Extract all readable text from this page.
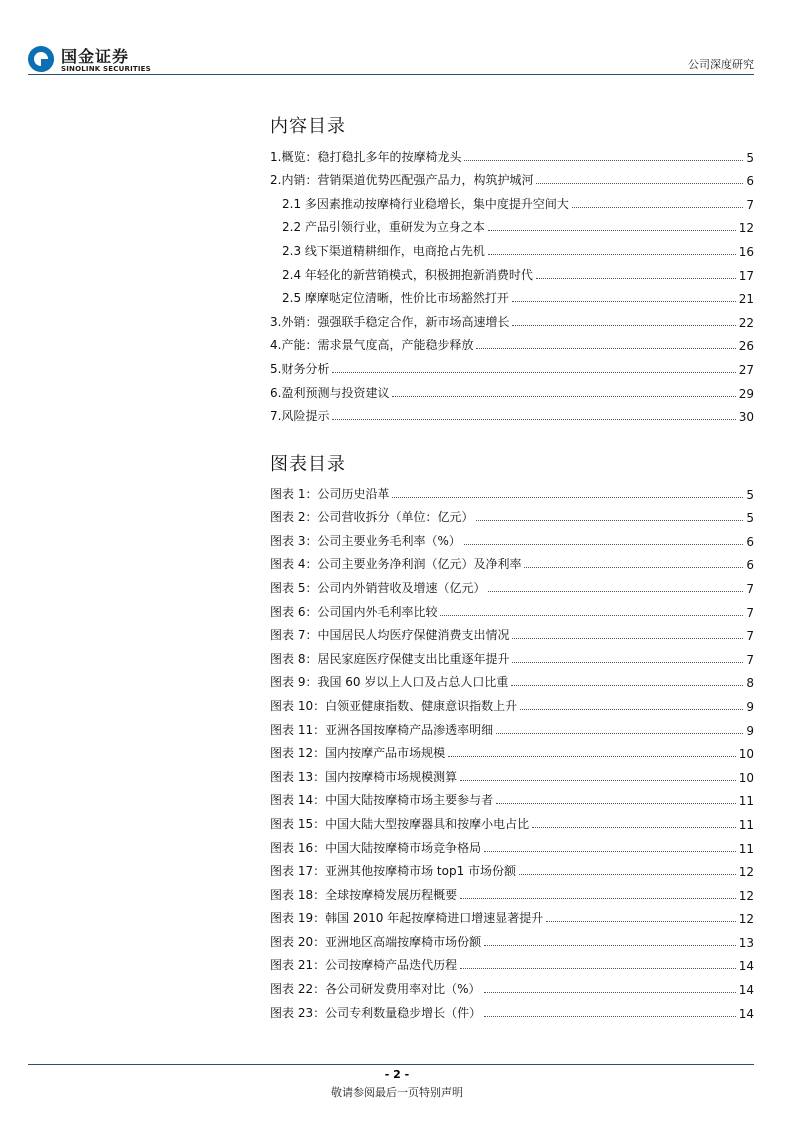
国金证券
SINOLINK SECURITIES	公司深度研究
内容目录
1.概览：稳打稳扎多年的按摩椅龙头	5
2.内销：营销渠道优势匹配强产品力，构筑护城河	6
2.1 多因素推动按摩椅行业稳增长，集中度提升空间大	7
2.2 产品引领行业，重研发为立身之本	12
2.3 线下渠道精耕细作，电商抢占先机	16
2.4 年轻化的新营销模式，积极拥抱新消费时代	17
2.5 摩摩哒定位清晰，性价比市场豁然打开	21
3.外销：强强联手稳定合作，新市场高速增长	22
4.产能：需求景气度高，产能稳步释放	26
5.财务分析	27
6.盈利预测与投资建议	29
7.风险提示	30
图表目录
图表 1：公司历史沿革	5
图表 2：公司营收拆分（单位：亿元）	5
图表 3：公司主要业务毛利率（%）	6
图表 4：公司主要业务净利润（亿元）及净利率	6
图表 5：公司内外销营收及增速（亿元）	7
图表 6：公司国内外毛利率比较	7
图表 7：中国居民人均医疗保健消费支出情况	7
图表 8：居民家庭医疗保健支出比重逐年提升	7
图表 9：我国 60 岁以上人口及占总人口比重	8
图表 10：白领亚健康指数、健康意识指数上升	9
图表 11：亚洲各国按摩椅产品渗透率明细	9
图表 12：国内按摩产品市场规模	10
图表 13：国内按摩椅市场规模测算	10
图表 14：中国大陆按摩椅市场主要参与者	11
图表 15：中国大陆大型按摩器具和按摩小电占比	11
图表 16：中国大陆按摩椅市场竞争格局	11
图表 17：亚洲其他按摩椅市场 top1 市场份额	12
图表 18：全球按摩椅发展历程概要	12
图表 19：韩国 2010 年起按摩椅进口增速显著提升	12
图表 20：亚洲地区高端按摩椅市场份额	13
图表 21：公司按摩椅产品迭代历程	14
图表 22：各公司研发费用率对比（%）	14
图表 23：公司专利数量稳步增长（件）	14
- 2 -
敬请参阅最后一页特别声明
